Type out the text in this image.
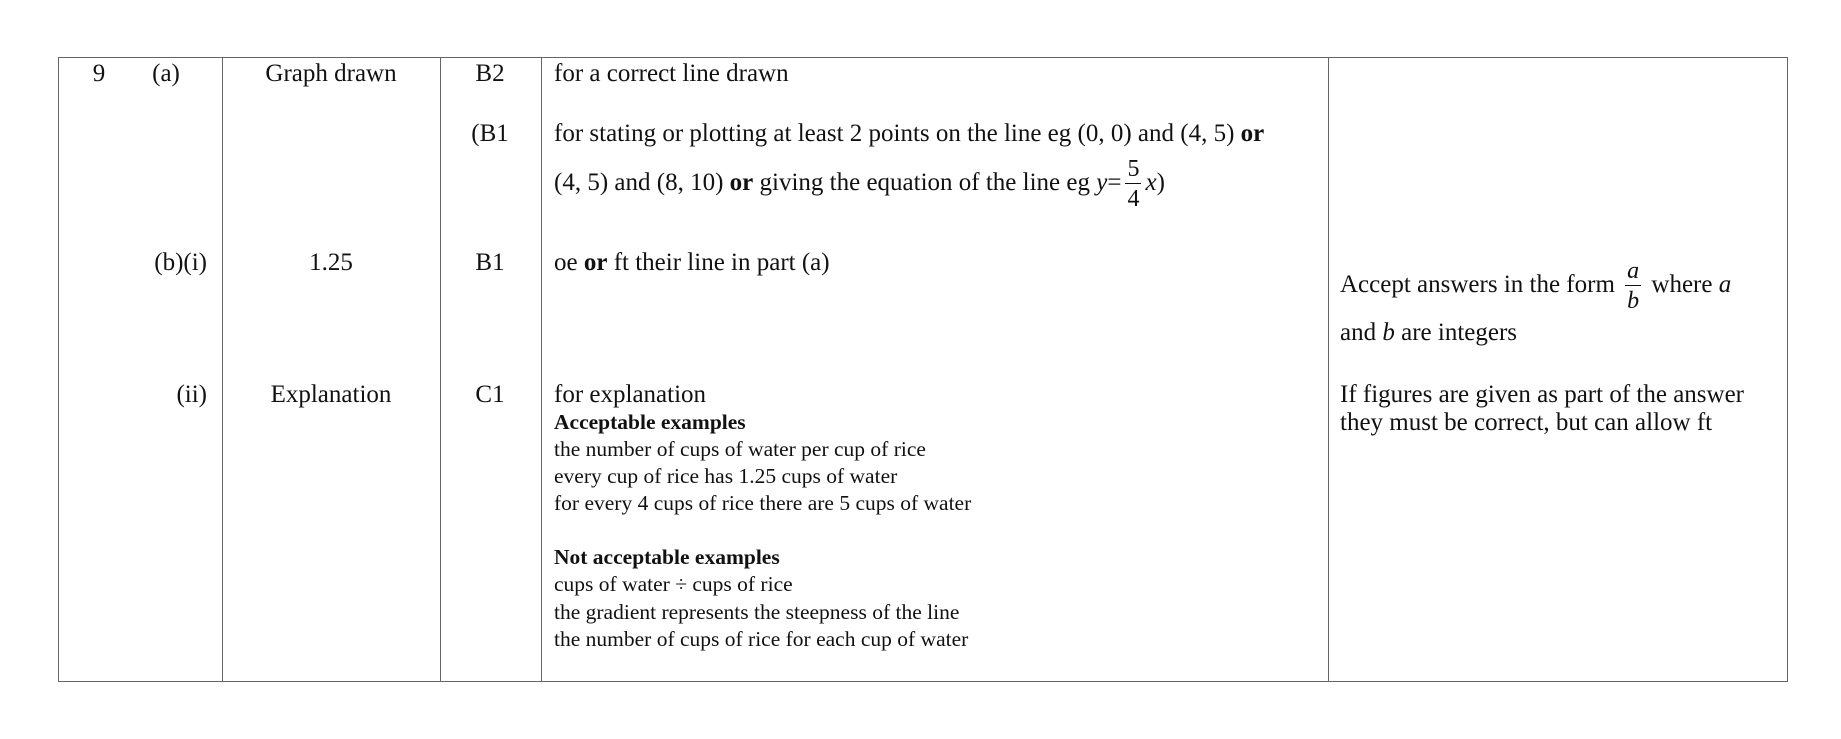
9 (a)
(b)(i)
(ii)
Graph drawn
1.25
Explanation
B2
(B1
B1
C1
for a correct line drawn
for stating or plotting at least 2 points on the line eg (0, 0) and (4, 5) or
(4, 5) and (8, 10) or giving the equation of the line eg $y= \frac{5}{4} x$)
oe or ft their line in part (a)
for explanation
Acceptable examples
the number of cups of water per cup of rice
every cup of rice has 1.25 cups of water
for every 4 cups of rice there are 5 cups of water
Not acceptable examples
cups of water ÷ cups of rice
the gradient represents the steepness of the line
the number of cups of rice for each cup of water
Accept answers in the form $\frac{a}{b}$ where a
and b are integers
If figures are given as part of the answer
they must be correct, but can allow ft
